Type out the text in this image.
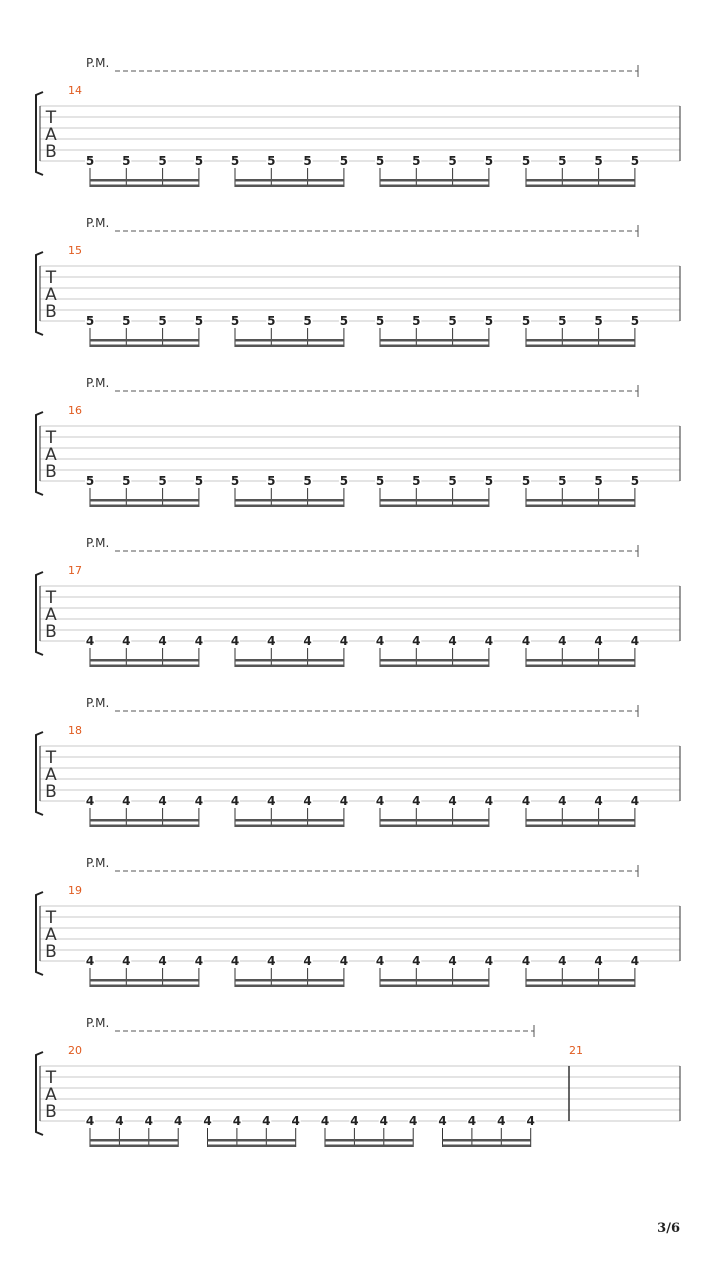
T
A
B
14
P.M.
5 5 5 5 5 5 5 5 5 5 5 5 5 5 5 5
T
A
B
15
P.M.
5 5 5 5 5 5 5 5 5 5 5 5 5 5 5 5
T
A
B
16
P.M.
5 5 5 5 5 5 5 5 5 5 5 5 5 5 5 5
T
A
B
17
P.M.
4 4 4 4 4 4 4 4 4 4 4 4 4 4 4 4
T
A
B
18
P.M.
4 4 4 4 4 4 4 4 4 4 4 4 4 4 4 4
T
A
B
19
P.M.
4 4 4 4 4 4 4 4 4 4 4 4 4 4 4 4
T
A
B
20
P.M.
4 4 4 4 4 4 4 4 4 4 4 4 4 4 4 4
21
3/6
